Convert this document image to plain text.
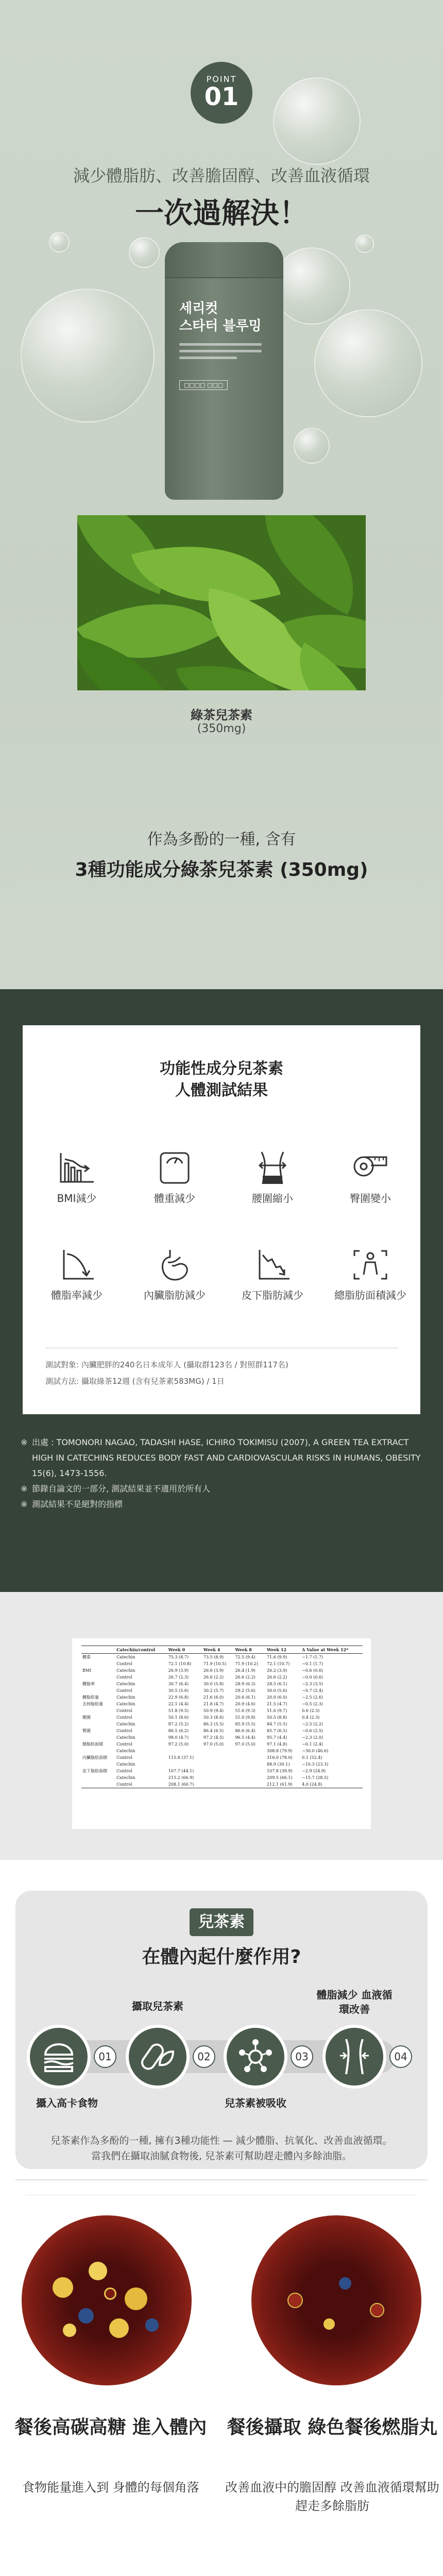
POINT
01
減少體脂肪、改善膽固醇、改善血液循環
一次過解決！
세리컷
스타터 블루밍
□□□□ □□□
綠茶兒茶素
(350mg)
作為多酚的一種, 含有
3種功能成分綠茶兒茶素 (350mg)
功能性成分兒茶素
人體測試結果
BMI減少	體重減少	腰圍縮小	臀圍變小
體脂率減少	內臟脂肪減少	皮下脂肪減少	總脂肪面積減少
測試對象: 內臟肥胖的240名日本成年人 (攝取群123名 / 對照群117名)
測試方法: 攝取綠茶12週 (含有兒茶素583MG) / 1日

※ 出處 : TOMONORI NAGAO, TADASHI HASE, ICHIRO TOKIMISU (2007), A GREEN TEA EXTRACT HIGH IN CATECHINS REDUCES BODY FAST AND CARDIOVASCULAR RISKS IN HUMANS, OBESITY 15(6), 1473-1556.

※ 節錄自論文的一部分, 測試結果並不適用於所有人

※ 測試結果不是絕對的指標

	Catechin/control	Week 0	Week 4	Week 8	Week 12	Δ Value at Week 12*
體重	Catechin	75.3 (8.7)	73.5 (8.9)	72.5 (9.4)	71.6 (9.9)	−1.7 (1.7)
	Control	72.1 (10.8)	71.9 (10.5)	71.9 (10.2)	72.1 (10.7)	−0.1 (1.7)
BMI	Catechin	26.9 (3.9)	26.6 (3.9)	26.4 (1.9)	26.2 (3.9)	−0.6 (0.6)
	Control	26.7 (2.3)	26.6 (2.2)	26.6 (2.2)	26.6 (2.2)	−0.0 (0.6)
體脂率	Catechin	30.7 (6.4)	30.0 (5.8)	28.9 (6.3)	28.5 (6.1)	−2.3 (3.5)
	Control	30.5 (5.6)	30.2 (5.7)	29.2 (5.6)	30.0 (5.6)	−0.7 (2.4)
體脂肪量	Catechin	22.9 (6.8)	21.6 (6.0)	20.6 (6.1)	20.0 (6.0)	−2.5 (2.6)
去掉脂肪量	Catechin	22.1 (4.4)	21.8 (4.7)	20.9 (4.6)	21.5 (4.7)	−0.5 (2.3)
	Control	51.8 (9.5)	50.9 (9.4)	51.6 (9.3)	51.6 (9.7)	0.6 (2.3)
腰圍	Control	50.1 (8.6)	50.3 (8.6)	51.0 (9.8)	50.5 (8.8)	0.4 (2.3)
	Catechin	87.2 (5.2)	86.3 (5.5)	85.9 (5.5)	84.7 (5.5)	−2.5 (2.2)
臀圍	Control	86.5 (6.2)	86.4 (6.5)	86.6 (6.4)	85.7 (6.5)	−0.6 (2.5)
	Catechin	98.0 (4.7)	97.2 (4.5)	96.5 (4.4)	95.7 (4.4)	−2.3 (2.0)
總脂肪面積	Control	97.2 (5.0)	97.0 (5.0)	97.0 (5.0)	97.1 (4.8)	−0.1 (2.4)
	Catechin				308.8 (79.9)	−30.0 (46.6)
內臟脂肪面積	Control	115.8 (37.1)			316.0 (78.0)	0.1 (52.4)
	Catechin				88.9 (30.1)	−10.3 (23.3)
皮下脂肪面積	Control	107.7 (44.1)			107.8 (39.9)	−2.9 (24.9)
	Catechin	215.2 (66.9)			209.5 (66.1)	−15.7 (28.5)
	Control	208.1 (60.7)			212.1 (61.9)	4.0 (24.8)
兒茶素
在體內起什麼作用?
01	02	03	04
攝入高卡食物
攝取兒茶素
兒茶素被吸收
體脂減少 血液循環改善
兒茶素作為多酚的一種, 擁有3種功能性 — 減少體脂、抗氧化、改善血液循環。
當我們在攝取油膩食物後, 兒茶素可幫助趕走體內多餘油脂。
餐後高碳高糖 進入體內
食物能量進入到 身體的每個角落
餐後攝取 綠色餐後燃脂丸
改善血液中的膽固醇 改善血液循環幫助 趕走多餘脂肪
